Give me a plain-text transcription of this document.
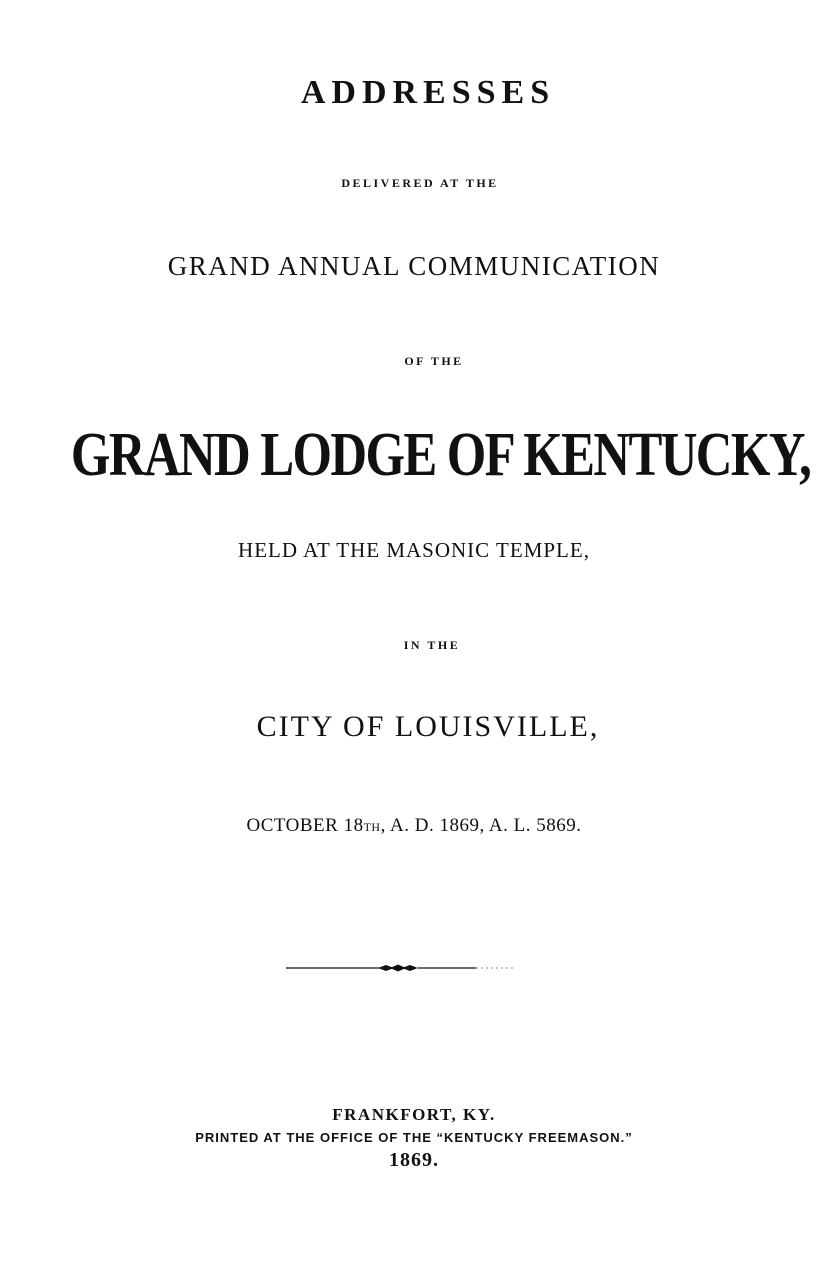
ADDRESSES
DELIVERED AT THE
GRAND ANNUAL COMMUNICATION
OF THE
GRAND LODGE OF KENTUCKY,
HELD AT THE MASONIC TEMPLE,
IN THE
CITY OF LOUISVILLE,
OCTOBER 18TH, A. D. 1869, A. L. 5869.
FRANKFORT, KY.
PRINTED AT THE OFFICE OF THE “KENTUCKY FREEMASON.”
1869.
